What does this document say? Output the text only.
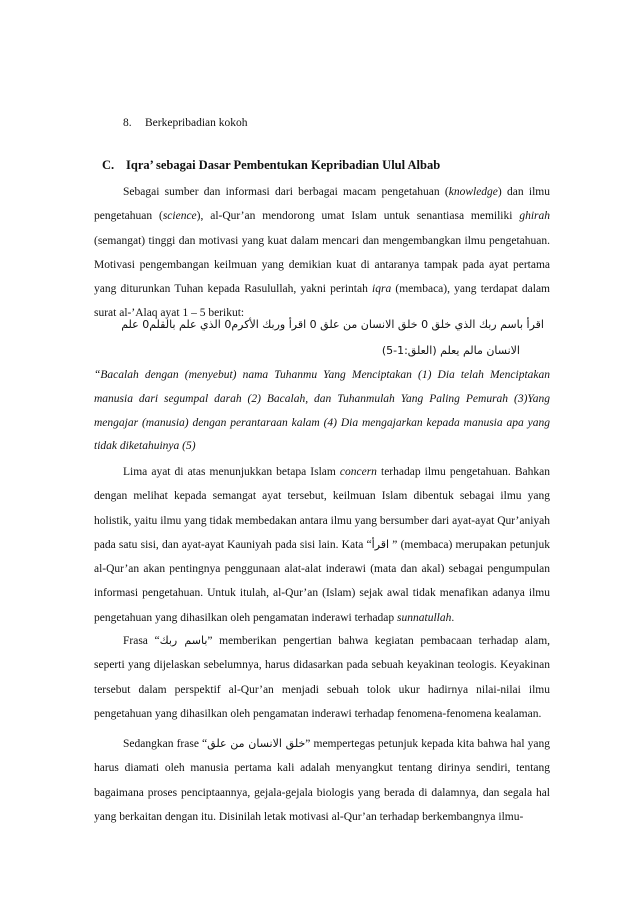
8. Berkepribadian kokoh
C. Iqra’ sebagai Dasar Pembentukan Kepribadian Ulul Albab

Sebagai sumber dan informasi dari berbagai macam pengetahuan (knowledge) dan ilmu pengetahuan (science), al-Qur’an mendorong umat Islam untuk senantiasa memiliki ghirah (semangat) tinggi dan motivasi yang kuat dalam mencari dan mengembangkan ilmu pengetahuan. Motivasi pengembangan keilmuan yang demikian kuat di antaranya tampak pada ayat pertama yang diturunkan Tuhan kepada Rasulullah, yakni perintah iqra (membaca), yang terdapat dalam surat al-’Alaq ayat 1 – 5 berikut:

اقرأ باسم ربك الذي خلق 0 خلق الانسان من علق 0 اقرأ وربك الأكرم0 الذي علم بالقلم0 علم
الانسان مالم يعلم (العلق:1-5)

“Bacalah dengan (menyebut) nama Tuhanmu Yang Menciptakan (1) Dia telah Menciptakan manusia dari segumpal darah (2) Bacalah, dan Tuhanmulah Yang Paling Pemurah (3)Yang mengajar (manusia) dengan perantaraan kalam (4) Dia mengajarkan kepada manusia apa yang tidak diketahuinya (5)

Lima ayat di atas menunjukkan betapa Islam concern terhadap ilmu pengetahuan. Bahkan dengan melihat kepada semangat ayat tersebut, keilmuan Islam dibentuk sebagai ilmu yang holistik, yaitu ilmu yang tidak membedakan antara ilmu yang bersumber dari ayat-ayat Qur’aniyah pada satu sisi, dan ayat-ayat Kauniyah pada sisi lain. Kata “اقرأ ” (membaca) merupakan petunjuk al-Qur’an akan pentingnya penggunaan alat-alat inderawi (mata dan akal) sebagai pengumpulan informasi pengetahuan. Untuk itulah, al-Qur’an (Islam) sejak awal tidak menafikan adanya ilmu pengetahuan yang dihasilkan oleh pengamatan inderawi terhadap sunnatullah.

Frasa “باسم ربك” memberikan pengertian bahwa kegiatan pembacaan terhadap alam, seperti yang dijelaskan sebelumnya, harus didasarkan pada sebuah keyakinan teologis. Keyakinan tersebut dalam perspektif al-Qur’an menjadi sebuah tolok ukur hadirnya nilai-nilai ilmu pengetahuan yang dihasilkan oleh pengamatan inderawi terhadap fenomena-fenomena kealaman.

Sedangkan frase “خلق الانسان من علق” mempertegas petunjuk kepada kita bahwa hal yang harus diamati oleh manusia pertama kali adalah menyangkut tentang dirinya sendiri, tentang bagaimana proses penciptaannya, gejala-gejala biologis yang berada di dalamnya, dan segala hal yang berkaitan dengan itu. Disinilah letak motivasi al-Qur’an terhadap berkembangnya ilmu-
